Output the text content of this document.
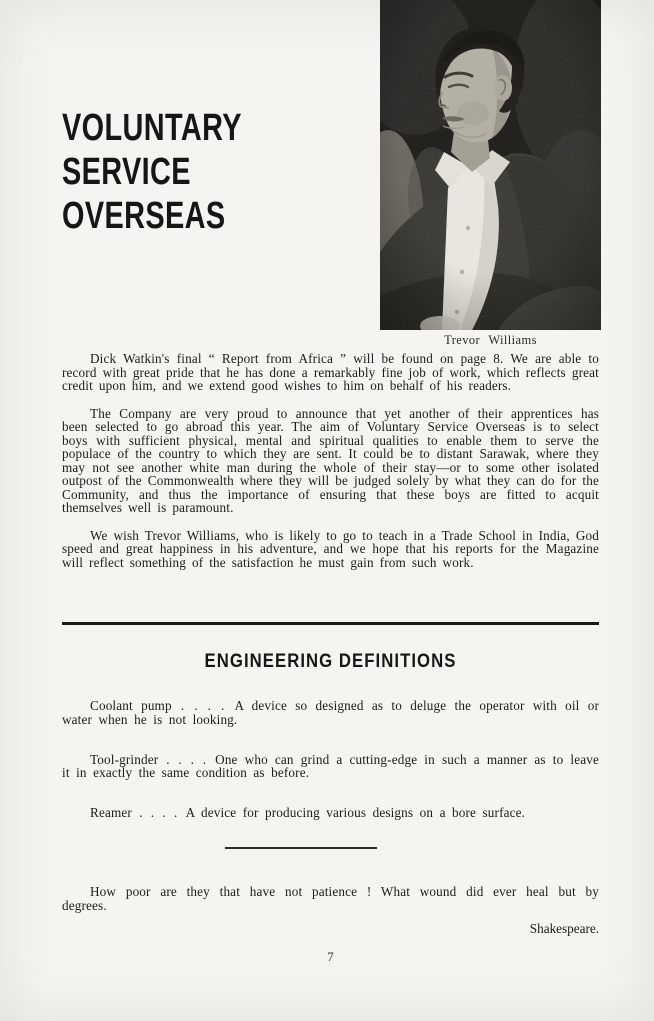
VOLUNTARY
SERVICE
OVERSEAS
Trevor Williams

Dick Watkin's final “ Report from Africa ” will be found on page 8. We are able to record with great pride that he has done a remarkably fine job of work, which reflects great credit upon him, and we extend good wishes to him on behalf of his readers.

The Company are very proud to announce that yet another of their apprentices has been selected to go abroad this year. The aim of Voluntary Service Overseas is to select boys with sufficient physical, mental and spiritual qualities to enable them to serve the populace of the country to which they are sent. It could be to distant Sarawak, where they may not see another white man during the whole of their stay—or to some other isolated outpost of the Commonwealth where they will be judged solely by what they can do for the Community, and thus the importance of ensuring that these boys are fitted to acquit themselves well is paramount.

We wish Trevor Williams, who is likely to go to teach in a Trade School in India, God speed and great happiness in his adventure, and we hope that his reports for the Magazine will reflect something of the satisfaction he must gain from such work.

ENGINEERING DEFINITIONS

Coolant pump . . . . A device so designed as to deluge the operator with oil or water when he is not looking.

Tool-grinder . . . . One who can grind a cutting-edge in such a manner as to leave it in exactly the same condition as before.

Reamer . . . . A device for producing various designs on a bore surface.

How poor are they that have not patience ! What wound did ever heal but by degrees.

Shakespeare.

7
